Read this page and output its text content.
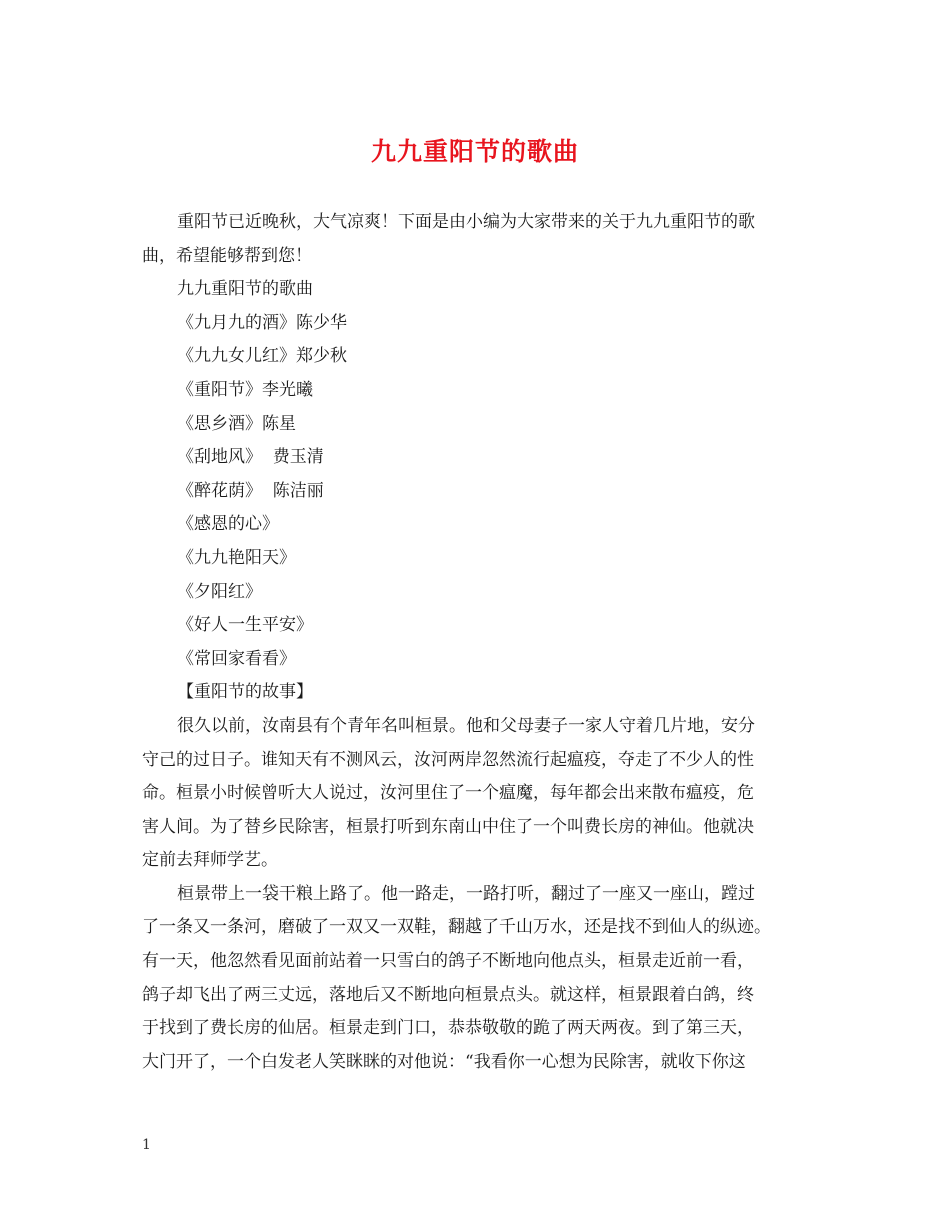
九九重阳节的歌曲
重阳节已近晚秋，大气凉爽！下面是由小编为大家带来的关于九九重阳节的歌
曲，希望能够帮到您！
九九重阳节的歌曲
《九月九的酒》陈少华
《九九女儿红》郑少秋
《重阳节》李光曦
《思乡酒》陈星
《刮地风》  费玉清
《醉花荫》  陈洁丽
《感恩的心》
《九九艳阳天》
《夕阳红》
《好人一生平安》
《常回家看看》
【重阳节的故事】
很久以前，汝南县有个青年名叫桓景。他和父母妻子一家人守着几片地，安分
守己的过日子。谁知天有不测风云，汝河两岸忽然流行起瘟疫，夺走了不少人的性
命。桓景小时候曾听大人说过，汝河里住了一个瘟魔，每年都会出来散布瘟疫，危
害人间。为了替乡民除害，桓景打听到东南山中住了一个叫费长房的神仙。他就决
定前去拜师学艺。
桓景带上一袋干粮上路了。他一路走，一路打听，翻过了一座又一座山，蹚过
了一条又一条河，磨破了一双又一双鞋，翻越了千山万水，还是找不到仙人的纵迹。
有一天，他忽然看见面前站着一只雪白的鸽子不断地向他点头，桓景走近前一看，
鸽子却飞出了两三丈远，落地后又不断地向桓景点头。就这样，桓景跟着白鸽，终
于找到了费长房的仙居。桓景走到门口，恭恭敬敬的跪了两天两夜。到了第三天，
大门开了，一个白发老人笑眯眯的对他说：“我看你一心想为民除害，就收下你这
1
